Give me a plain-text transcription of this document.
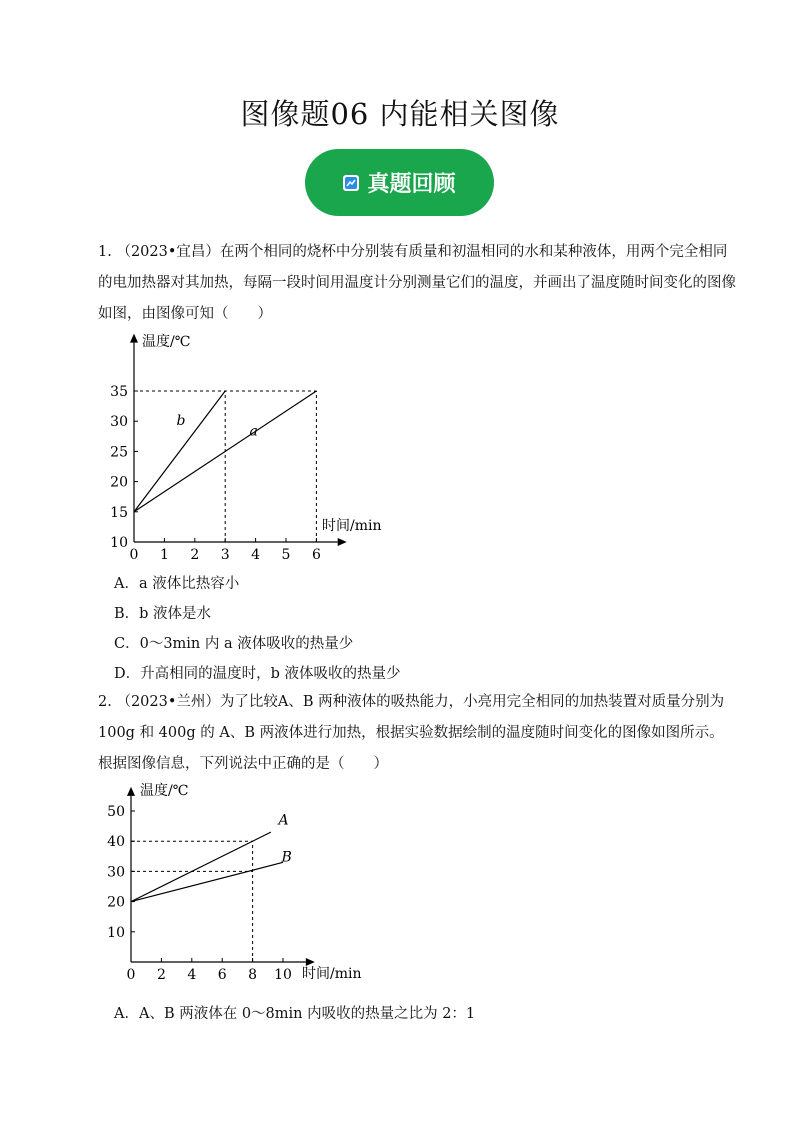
图像题06 内能相关图像
真题回顾
1. （2023•宜昌）在两个相同的烧杯中分别装有质量和初温相同的水和某种液体，用两个完全相同的电加热器对其加热，每隔一段时间用温度计分别测量它们的温度，并画出了温度随时间变化的图像如图，由图像可知（　　）
0 1 2 3 4 5 6
10
15
20
25
30
35
b
a
温度/℃
时间/min
A．a 液体比热容小
B．b 液体是水
C．0～3min 内 a 液体吸收的热量少
D．升高相同的温度时，b 液体吸收的热量少
2. （2023•兰州）为了比较A、B 两种液体的吸热能力，小亮用完全相同的加热装置对质量分别为100g 和 400g 的 A、B 两液体进行加热，根据实验数据绘制的温度随时间变化的图像如图所示。根据图像信息，下列说法中正确的是（　　）
0 2 4 6 8 10
10
20
30
40
50
A
B
温度/℃
时间/min
A．A、B 两液体在 0～8min 内吸收的热量之比为 2：1
